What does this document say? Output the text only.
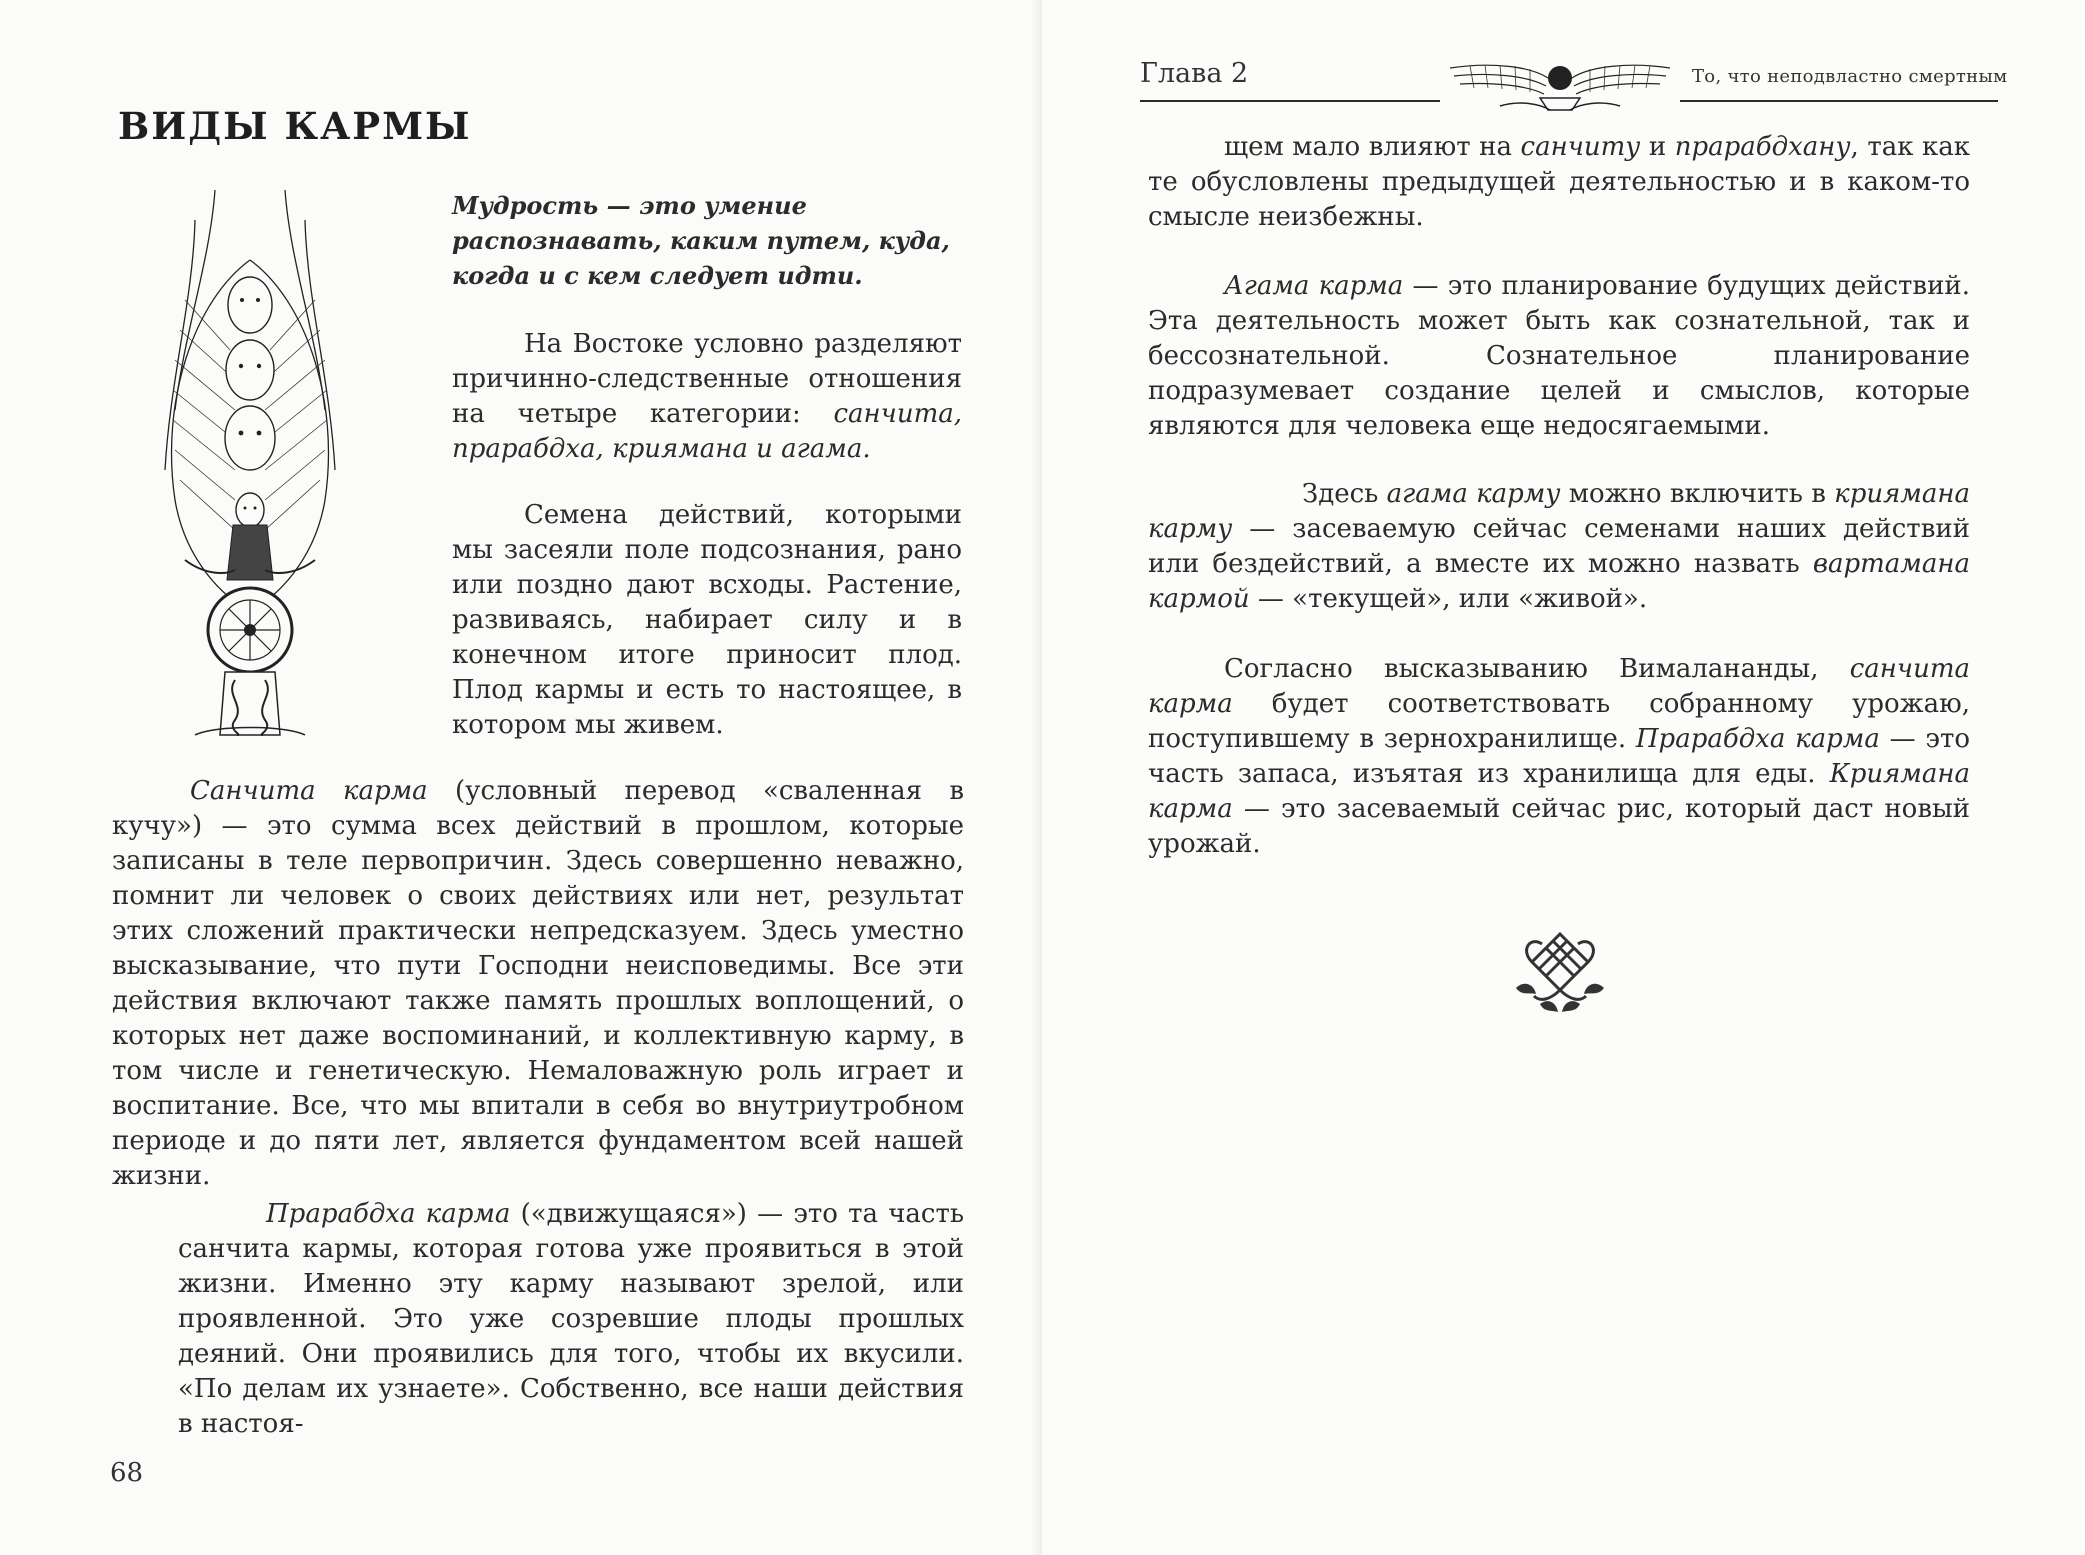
ВИДЫ КАРМЫ
Мудрость — это умение распознавать, каким путем, куда, когда и с кем следует идти.
На Востоке условно разделяют причинно-следственные отношения на четыре категории: санчита, прарабдха, криямана и агама.
Семена действий, которыми мы засеяли поле подсознания, рано или поздно дают всходы. Растение, развиваясь, набирает силу и в конечном итоге приносит плод. Плод кармы и есть то настоящее, в котором мы живем.
Санчита карма (условный перевод «сваленная в кучу») — это сумма всех действий в прошлом, которые записаны в теле первопричин. Здесь совершенно неважно, помнит ли человек о своих действиях или нет, результат этих сложений практически непредсказуем. Здесь уместно высказывание, что пути Господни неисповедимы. Все эти действия включают также память прошлых воплощений, о которых нет даже воспоминаний, и коллективную карму, в том числе и генетическую. Немаловажную роль играет и воспитание. Все, что мы впитали в себя во внутриутробном периоде и до пяти лет, является фундаментом всей нашей жизни.
Прарабдха карма («движущаяся») — это та часть санчита кармы, которая готова уже проявиться в этой жизни. Именно эту карму называют зрелой, или проявленной. Это уже созревшие плоды прошлых деяний. Они проявились для того, чтобы их вкусили. «По делам их узнаете». Собственно, все наши действия в настоя-
68
Глава 2	То, что неподвластно смертным
щем мало влияют на санчиту и прарабдхану, так как те обусловлены предыдущей деятельностью и в каком-то смысле неизбежны.
Агама карма — это планирование будущих действий. Эта деятельность может быть как сознательной, так и бессознательной. Сознательное планирование подразумевает создание целей и смыслов, которые являются для человека еще недосягаемыми.
Здесь агама карму можно включить в криямана карму — засеваемую сейчас семенами наших действий или бездействий, а вместе их можно назвать вартамана кармой — «текущей», или «живой».
Согласно высказыванию Вималананды, санчита карма будет соответствовать собранному урожаю, поступившему в зернохранилище. Прарабдха карма — это часть запаса, изъятая из хранилища для еды. Криямана карма — это засеваемый сейчас рис, который даст новый урожай.
